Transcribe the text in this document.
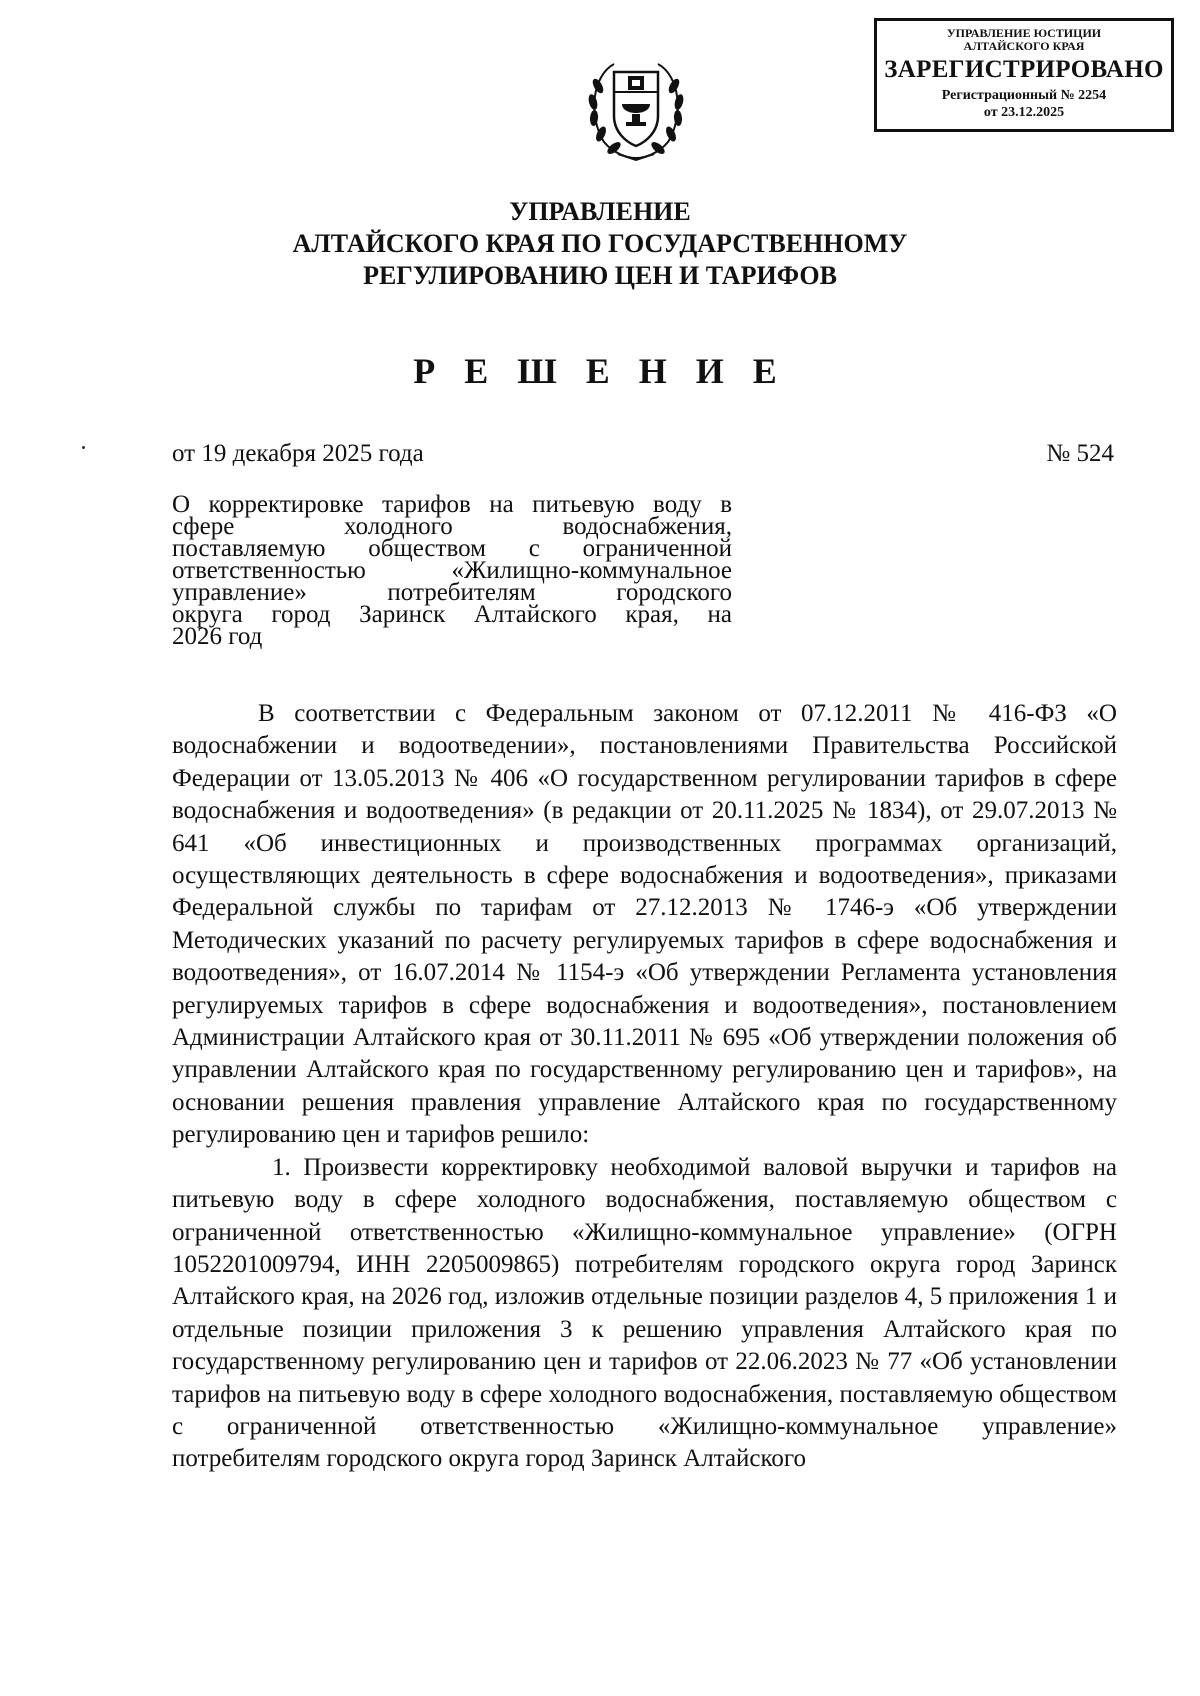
УПРАВЛЕНИЕ ЮСТИЦИИ
АЛТАЙСКОГО КРАЯ
ЗАРЕГИСТРИРОВАНО
Регистрационный № 2254
от 23.12.2025
УПРАВЛЕНИЕ
АЛТАЙСКОГО КРАЯ ПО ГОСУДАРСТВЕННОМУ
РЕГУЛИРОВАНИЮ ЦЕН И ТАРИФОВ
Р Е Ш Е Н И Е
от 19 декабря 2025 года	№ 524
О корректировке тарифов на питьевую воду в
сфере холодного водоснабжения,
поставляемую обществом с ограниченной
ответственностью «Жилищно-коммунальное
управление» потребителям городского
округа город Заринск Алтайского края, на
2026 год

В соответствии с Федеральным законом от 07.12.2011 № 416-ФЗ «О водоснабжении и водоотведении», постановлениями Правительства Российской Федерации от 13.05.2013 № 406 «О государственном регулировании тарифов в сфере водоснабжения и водоотведения» (в редакции от 20.11.2025 № 1834), от 29.07.2013 № 641 «Об инвестиционных и производственных программах организаций, осуществляющих деятельность в сфере водоснабжения и водоотведения», приказами Федеральной службы по тарифам от 27.12.2013 № 1746-э «Об утверждении Методических указаний по расчету регулируемых тарифов в сфере водоснабжения и водоотведения», от 16.07.2014 № 1154-э «Об утверждении Регламента установления регулируемых тарифов в сфере водоснабжения и водоотведения», постановлением Администрации Алтайского края от 30.11.2011 № 695 «Об утверждении положения об управлении Алтайского края по государственному регулированию цен и тарифов», на основании решения правления управление Алтайского края по государственному регулированию цен и тарифов решило:

1. Произвести корректировку необходимой валовой выручки и тарифов на питьевую воду в сфере холодного водоснабжения, поставляемую обществом с ограниченной ответственностью «Жилищно-коммунальное управление» (ОГРН 1052201009794, ИНН 2205009865) потребителям городского округа город Заринск Алтайского края, на 2026 год, изложив отдельные позиции разделов 4, 5 приложения 1 и отдельные позиции приложения 3 к решению управления Алтайского края по государственному регулированию цен и тарифов от 22.06.2023 № 77 «Об установлении тарифов на питьевую воду в сфере холодного водоснабжения, поставляемую обществом с ограниченной ответственностью «Жилищно-коммунальное управление» потребителям городского округа город Заринск Алтайского
